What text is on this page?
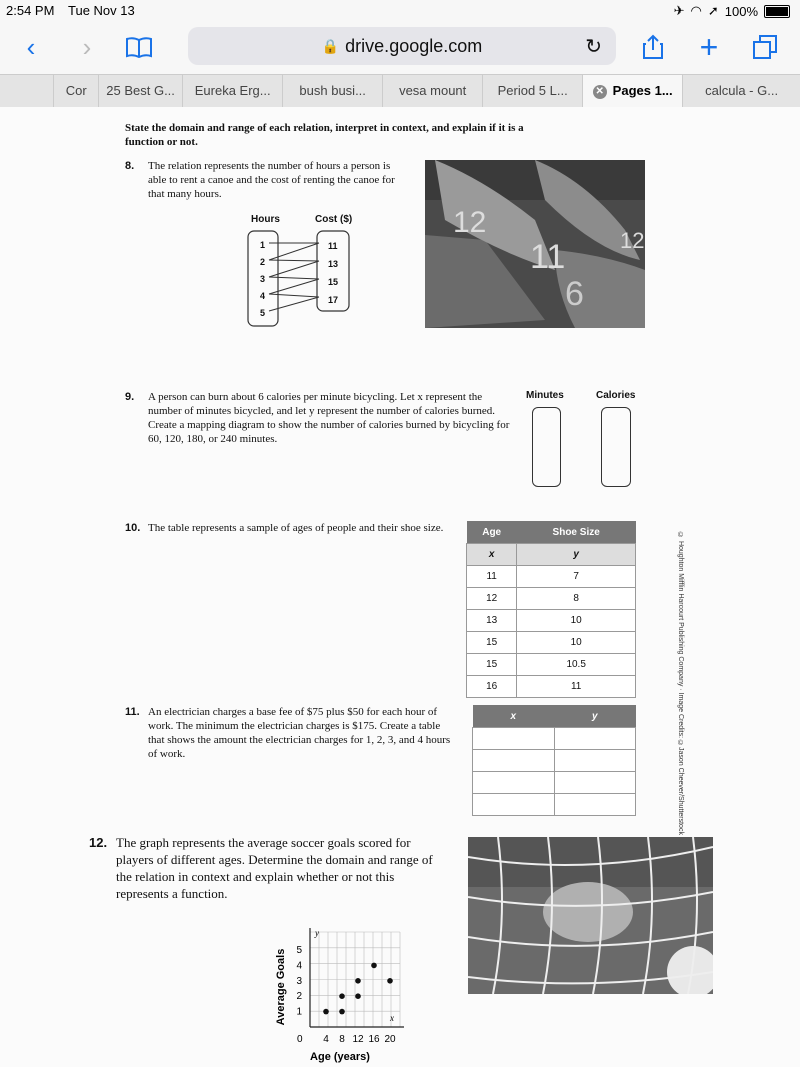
2:54 PM Tue Nov 13	✈ ◠ ➚ 100%
‹	›	🔒 drive.google.com	↻	+
Cor	25 Best G...	Eureka Erg...	bush busi...	vesa mount	Period 5 L...	✕ Pages 1...	calcula - G...
State the domain and range of each relation, interpret in context, and explain if it is a function or not.
8. The relation represents the number of hours a person is able to rent a canoe and the cost of renting the canoe for that many hours.
Hours	Cost ($)
1
2
3
4
5
11
13
15
17
12
11 12
6
9. A person can burn about 6 calories per minute bicycling. Let x represent the number of minutes bicycled, and let y represent the number of calories burned. Create a mapping diagram to show the number of calories burned by bicycling for 60, 120, 180, or 240 minutes.
Minutes	Calories
10. The table represents a sample of ages of people and their shoe size.	Age	Shoe Size
x	y
11	7
12	8
13	10
15	10
15	10.5
16	11	© Houghton Mifflin Harcourt Publishing Company · Image Credits: ©Jason Cheever/Shutterstock
11. An electrician charges a base fee of $75 plus $50 for each hour of work. The minimum the electrician charges is $175. Create a table that shows the amount the electrician charges for 1, 2, 3, and 4 hours of work.
x	y

12. The graph represents the average soccer goals scored for players of different ages. Determine the domain and range of the relation in context and explain whether or not this represents a function.
y
x
0 4 8 12 16 20
1
2
3
4
5
Age (years)
Average Goals
